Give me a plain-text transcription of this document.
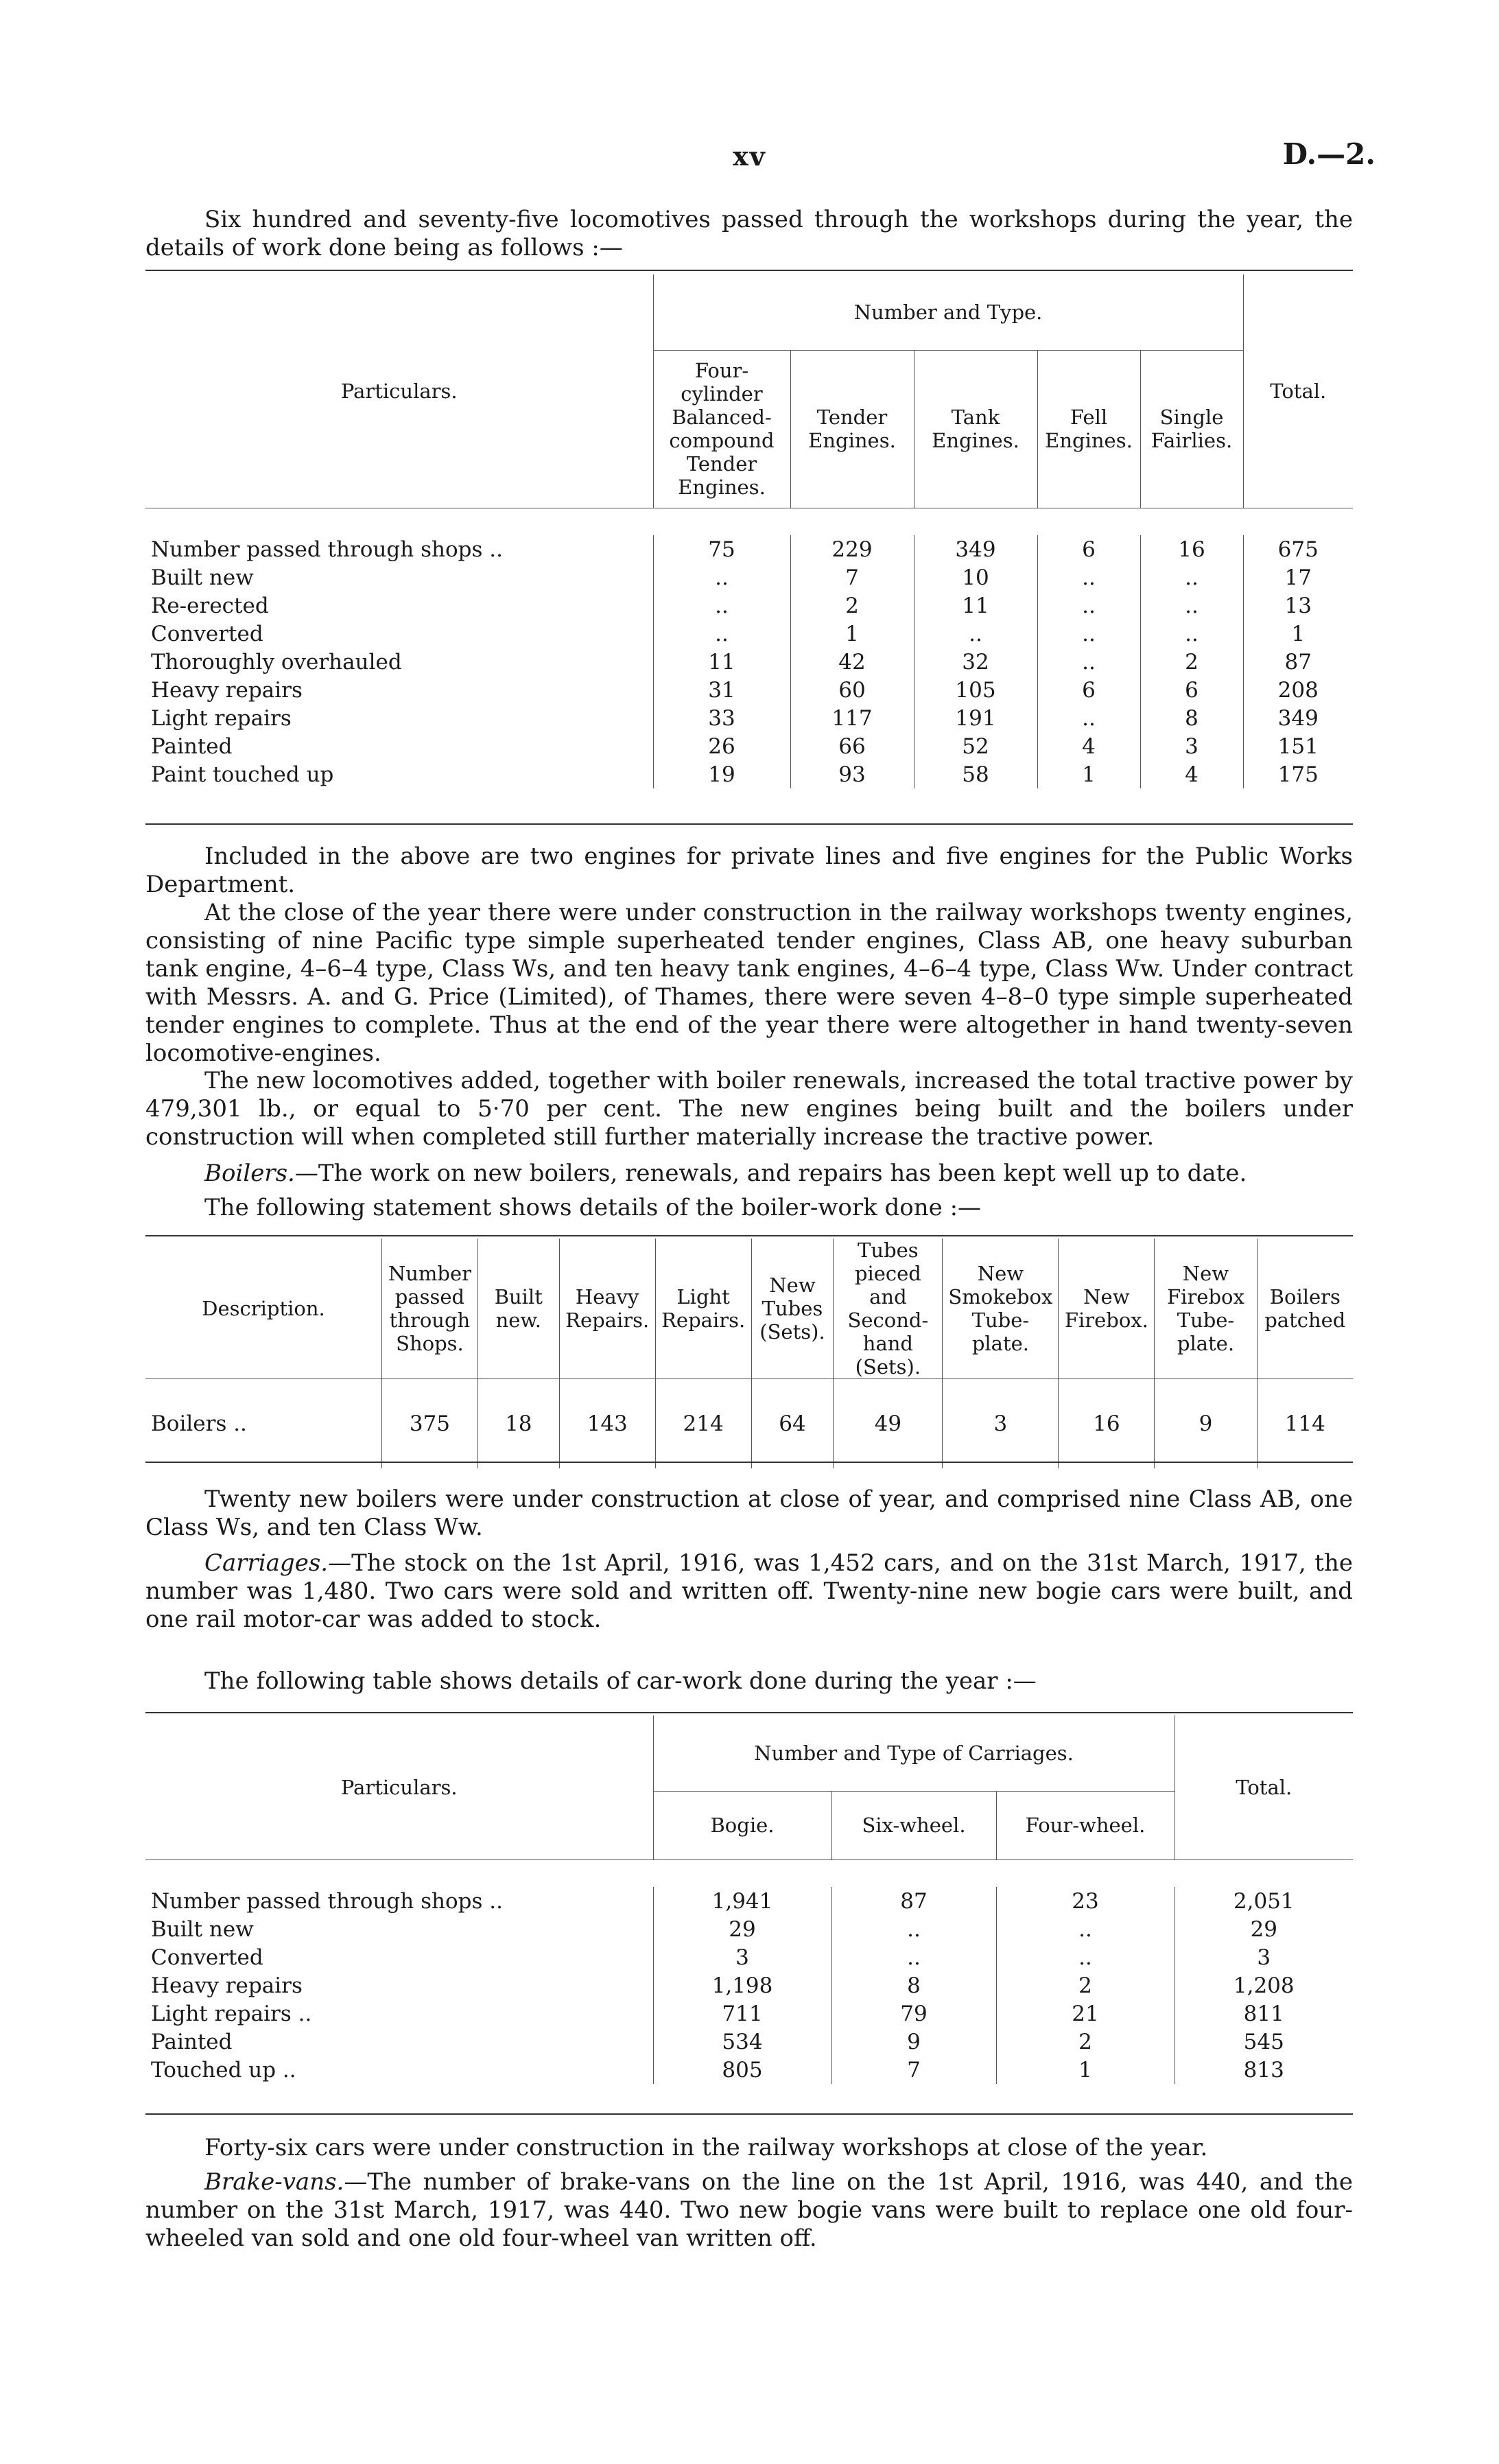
xv	D.—2.
Six hundred and seventy-five locomotives passed through the workshops during the year, the details of work done being as follows :—
Particulars.	Number and Type.					Total.
	Four-cylinder Balanced-compound Tender Engines.	Tender Engines.	Tank Engines.	Fell Engines.	Single Fairlies.	

Number passed through shops ..	75	229	349	6	16	675
Built new	..	7	10	..	..	17
Re-erected	..	2	11	..	..	13
Converted	..	1	..	..	..	1
Thoroughly overhauled	11	42	32	..	2	87
Heavy repairs	31	60	105	6	6	208
Light repairs	33	117	191	..	8	349
Painted	26	66	52	4	3	151
Paint touched up	19	93	58	1	4	175
Included in the above are two engines for private lines and five engines for the Public Works Department.
At the close of the year there were under construction in the railway workshops twenty engines, consisting of nine Pacific type simple superheated tender engines, Class AB, one heavy suburban tank engine, 4–6–4 type, Class Ws, and ten heavy tank engines, 4–6–4 type, Class Ww. Under contract with Messrs. A. and G. Price (Limited), of Thames, there were seven 4–8–0 type simple superheated tender engines to complete. Thus at the end of the year there were altogether in hand twenty-seven locomotive-engines.
The new locomotives added, together with boiler renewals, increased the total tractive power by 479,301 lb., or equal to 5·70 per cent. The new engines being built and the boilers under construction will when completed still further materially increase the tractive power.
Boilers.—The work on new boilers, renewals, and repairs has been kept well up to date.
The following statement shows details of the boiler-work done :—
Description.	Number passed through Shops.	Built new.	Heavy Repairs.	Light Repairs.	New Tubes (Sets).	Tubes pieced and Second-hand (Sets).	New Smokebox Tube-plate.	New Firebox.	New Firebox Tube-plate.	Boilers patched
Boilers ..	375	18	143	214	64	49	3	16	9	114
Twenty new boilers were under construction at close of year, and comprised nine Class AB, one Class Ws, and ten Class Ww.
Carriages.—The stock on the 1st April, 1916, was 1,452 cars, and on the 31st March, 1917, the number was 1,480. Two cars were sold and written off. Twenty-nine new bogie cars were built, and one rail motor-car was added to stock.
The following table shows details of car-work done during the year :—
Particulars.	Number and Type of Carriages.			Total.
	Bogie.	Six-wheel.	Four-wheel.	

Number passed through shops ..	1,941	87	23	2,051
Built new	29	..	..	29
Converted	3	..	..	3
Heavy repairs	1,198	8	2	1,208
Light repairs ..	711	79	21	811
Painted	534	9	2	545
Touched up ..	805	7	1	813
Forty-six cars were under construction in the railway workshops at close of the year.
Brake-vans.—The number of brake-vans on the line on the 1st April, 1916, was 440, and the number on the 31st March, 1917, was 440. Two new bogie vans were built to replace one old four-wheeled van sold and one old four-wheel van written off.
